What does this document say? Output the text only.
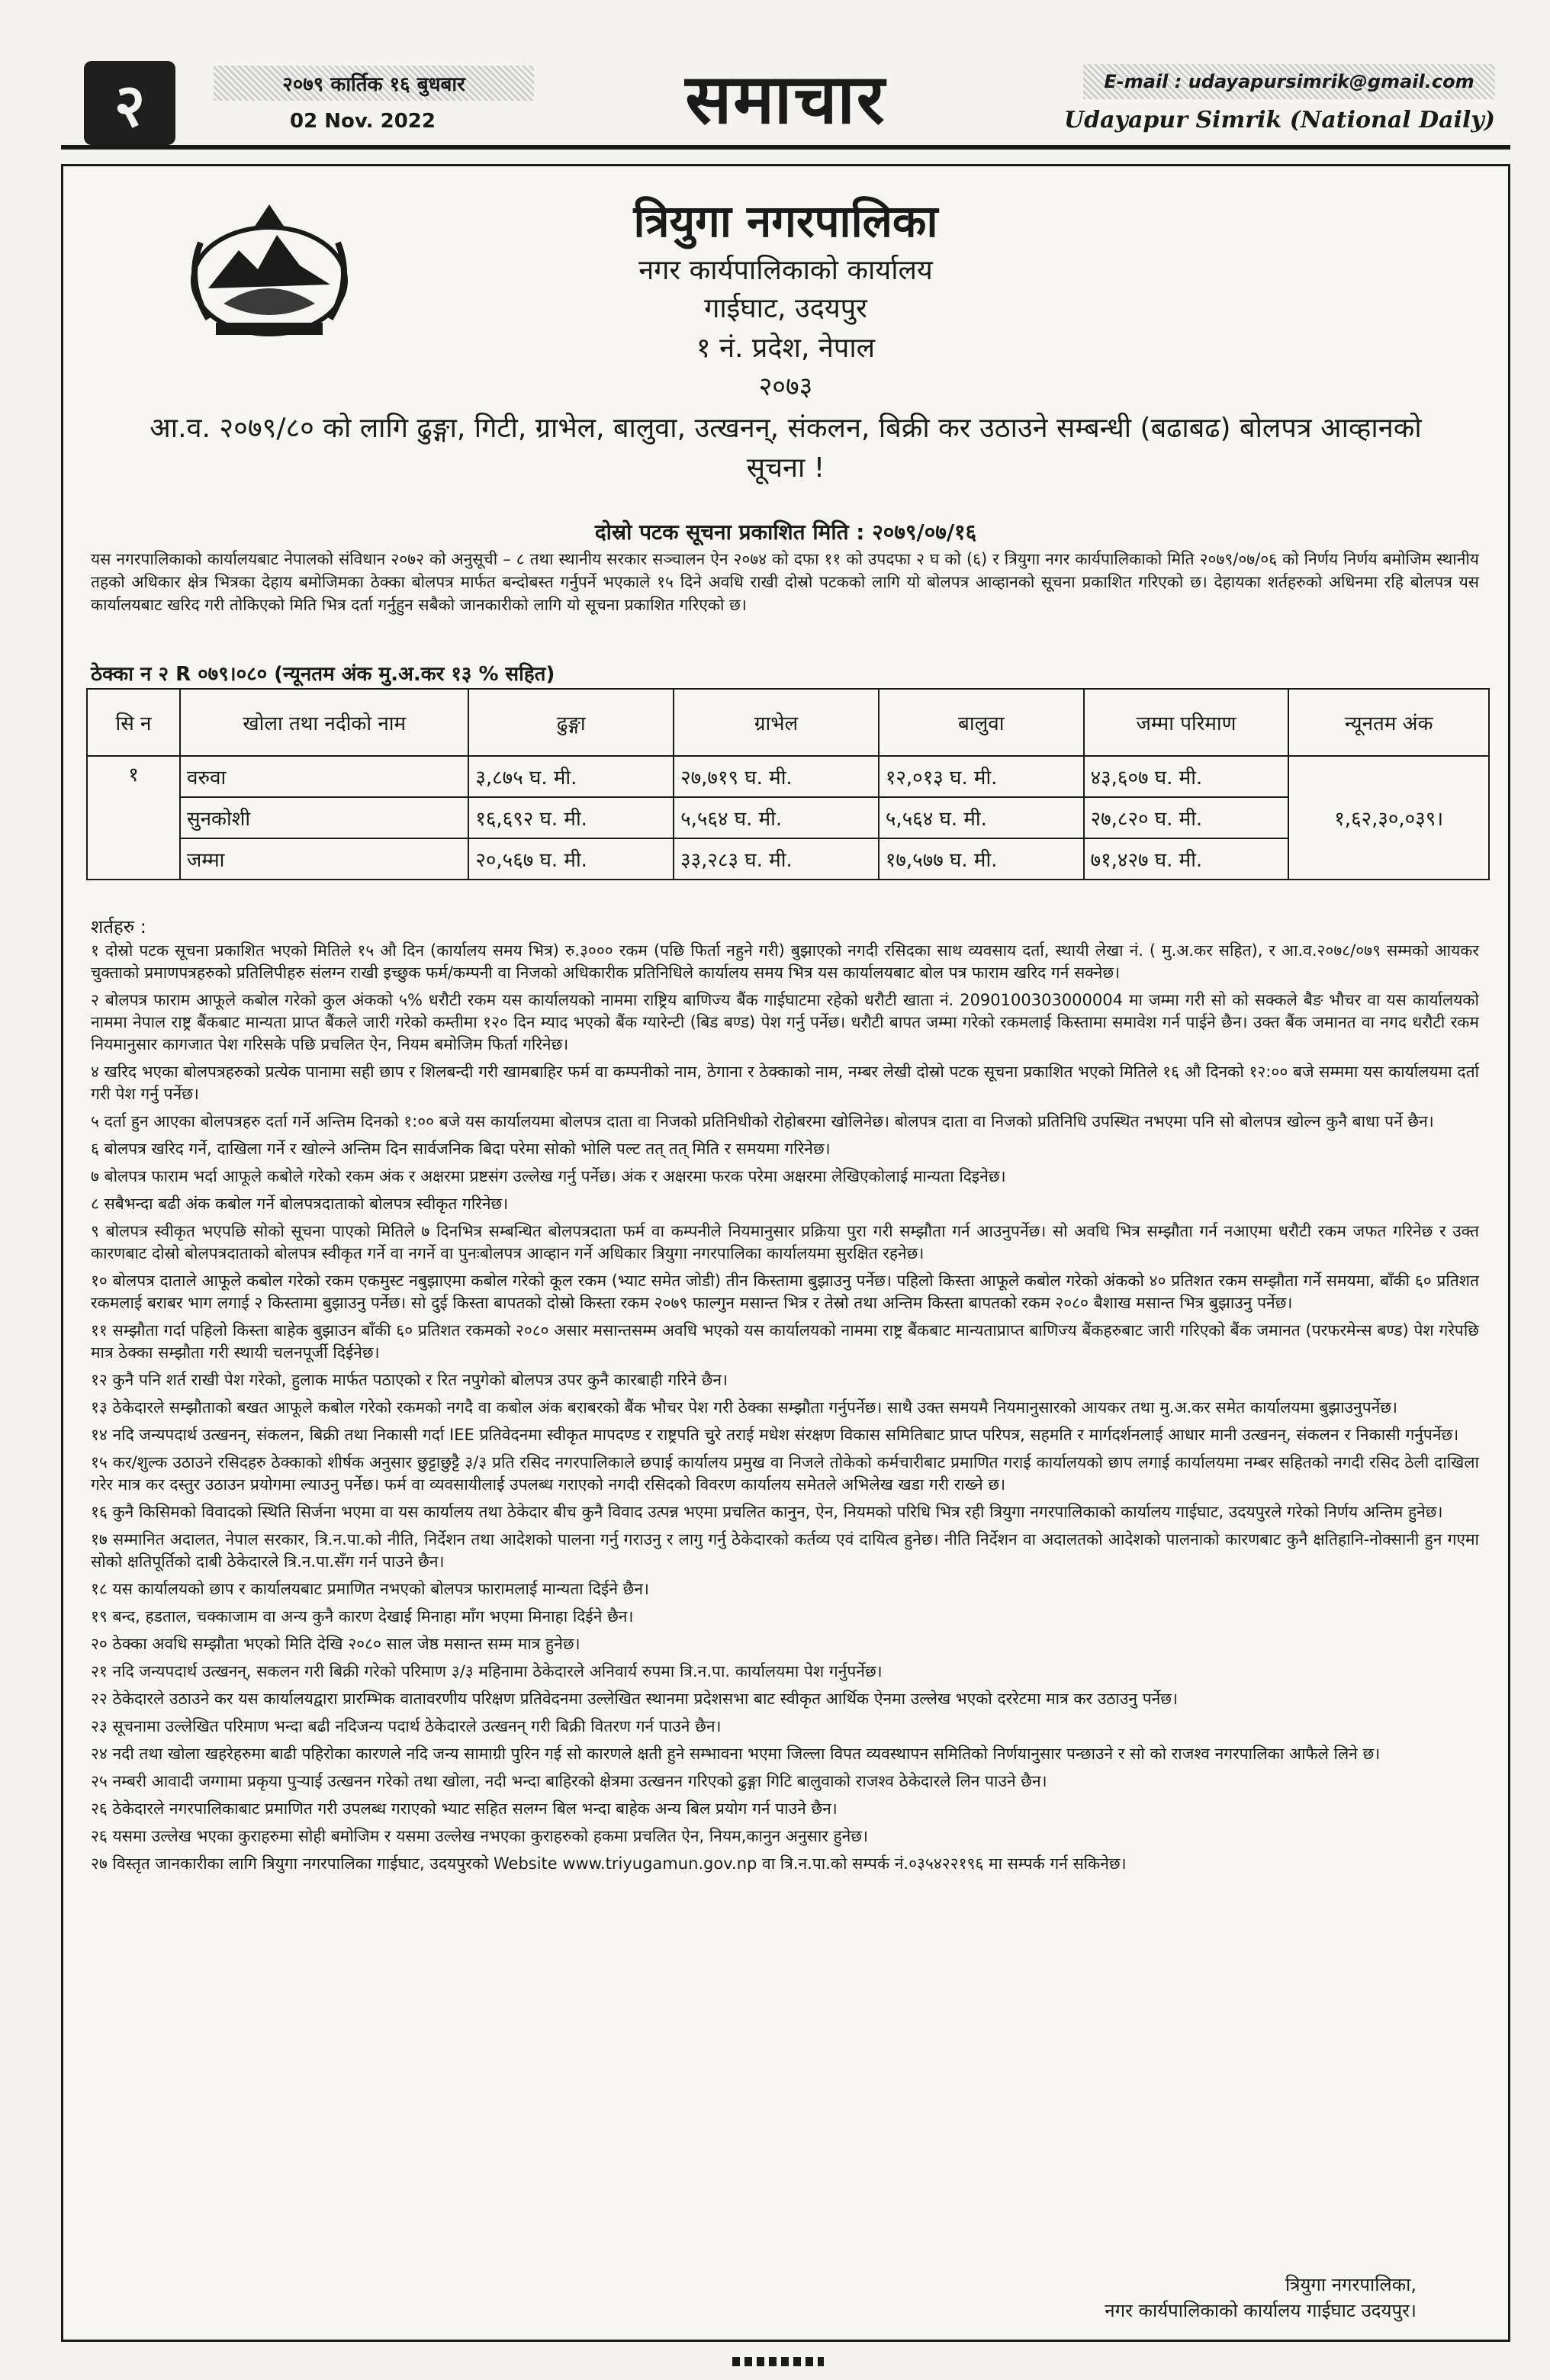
२	२०७९ कार्तिक १६ बुधबार
02 Nov. 2022	समाचार	E-mail : udayapursimrik@gmail.com
Udayapur Simrik (National Daily)
त्रियुगा नगरपालिका
नगर कार्यपालिकाको कार्यालय
गाईघाट, उदयपुर
१ नं. प्रदेश, नेपाल
२०७३
आ.व. २०७९/८० को लागि ढुङ्गा, गिटी, ग्राभेल, बालुवा, उत्खनन्, संकलन, बिक्री कर उठाउने सम्बन्धी (बढाबढ) बोलपत्र आव्हानको सूचना !
दोस्रो पटक सूचना प्रकाशित मिति : २०७९/०७/१६
यस नगरपालिकाको कार्यालयबाट नेपालको संविधान २०७२ को अनुसूची – ८ तथा स्थानीय सरकार सञ्चालन ऐन २०७४ को दफा ११ को उपदफा २ घ को (६) र त्रियुगा नगर कार्यपालिकाको मिति २०७९/०७/०६ को निर्णय निर्णय बमोजिम स्थानीय तहको अधिकार क्षेत्र भित्रका देहाय बमोजिमका ठेक्का बोलपत्र मार्फत बन्दोबस्त गर्नुपर्ने भएकाले १५ दिने अवधि राखी दोस्रो पटकको लागि यो बोलपत्र आव्हानको सूचना प्रकाशित गरिएको छ। देहायका शर्तहरुको अधिनमा रहि बोलपत्र यस कार्यालयबाट खरिद गरी तोकिएको मिति भित्र दर्ता गर्नुहुन सबैको जानकारीको लागि यो सूचना प्रकाशित गरिएको छ।
ठेक्का न २ R ०७९।०८० (न्यूनतम अंक मु.अ.कर १३ % सहित)
सि न	खोला तथा नदीको नाम	ढुङ्गा	ग्राभेल	बालुवा	जम्मा परिमाण	न्यूनतम अंक
१	वरुवा	३,८७५ घ. मी.	२७,७१९ घ. मी.	१२,०१३ घ. मी.	४३,६०७ घ. मी.	१,६२,३०,०३९।
	सुनकोशी	१६,६९२ घ. मी.	५,५६४ घ. मी.	५,५६४ घ. मी.	२७,८२० घ. मी.	
	जम्मा	२०,५६७ घ. मी.	३३,२८३ घ. मी.	१७,५७७ घ. मी.	७१,४२७ घ. मी.	
शर्तहरु :

१ दोस्रो पटक सूचना प्रकाशित भएको मितिले १५ औ दिन (कार्यालय समय भित्र) रु.३००० रकम (पछि फिर्ता नहुने गरी) बुझाएको नगदी रसिदका साथ व्यवसाय दर्ता, स्थायी लेखा नं. ( मु.अ.कर सहित), र आ.व.२०७८/०७९ सम्मको आयकर चुक्ताको प्रमाणपत्रहरुको प्रतिलिपीहरु संलग्न राखी इच्छुक फर्म/कम्पनी वा निजको अधिकारीक प्रतिनिधिले कार्यालय समय भित्र यस कार्यालयबाट बोल पत्र फाराम खरिद गर्न सक्नेछ।

२ बोलपत्र फाराम आफूले कबोल गरेको कुल अंकको ५% धरौटी रकम यस कार्यालयको नाममा राष्ट्रिय बाणिज्य बैंक गाईघाटमा रहेको धरौटी खाता नं. 2090100303000004 मा जम्मा गरी सो को सक्कले बैङ भौचर वा यस कार्यालयको नाममा नेपाल राष्ट्र बैंकबाट मान्यता प्राप्त बैंकले जारी गरेको कम्तीमा १२० दिन म्याद भएको बैंक ग्यारेन्टी (बिड बण्ड) पेश गर्नु पर्नेछ। धरौटी बापत जम्मा गरेको रकमलाई किस्तामा समावेश गर्न पाईने छैन। उक्त बैंक जमानत वा नगद धरौटी रकम नियमानुसार कागजात पेश गरिसके पछि प्रचलित ऐन, नियम बमोजिम फिर्ता गरिनेछ।

४ खरिद भएका बोलपत्रहरुको प्रत्येक पानामा सही छाप र शिलबन्दी गरी खामबाहिर फर्म वा कम्पनीको नाम, ठेगाना र ठेक्काको नाम, नम्बर लेखी दोस्रो पटक सूचना प्रकाशित भएको मितिले १६ औ दिनको १२:०० बजे सम्ममा यस कार्यालयमा दर्ता गरी पेश गर्नु पर्नेछ।

५ दर्ता हुन आएका बोलपत्रहरु दर्ता गर्ने अन्तिम दिनको १:०० बजे यस कार्यालयमा बोलपत्र दाता वा निजको प्रतिनिधीको रोहोबरमा खोलिनेछ। बोलपत्र दाता वा निजको प्रतिनिधि उपस्थित नभएमा पनि सो बोलपत्र खोल्न कुनै बाधा पर्ने छैन।

६ बोलपत्र खरिद गर्ने, दाखिला गर्ने र खोल्ने अन्तिम दिन सार्वजनिक बिदा परेमा सोको भोलि पल्ट तत् तत् मिति र समयमा गरिनेछ।

७ बोलपत्र फाराम भर्दा आफूले कबोले गरेको रकम अंक र अक्षरमा प्रष्टसंग उल्लेख गर्नु पर्नेछ। अंक र अक्षरमा फरक परेमा अक्षरमा लेखिएकोलाई मान्यता दिइनेछ।

८ सबैभन्दा बढी अंक कबोल गर्ने बोलपत्रदाताको बोलपत्र स्वीकृत गरिनेछ।

९ बोलपत्र स्वीकृत भएपछि सोको सूचना पाएको मितिले ७ दिनभित्र सम्बन्धित बोलपत्रदाता फर्म वा कम्पनीले नियमानुसार प्रक्रिया पुरा गरी सम्झौता गर्न आउनुपर्नेछ। सो अवधि भित्र सम्झौता गर्न नआएमा धरौटी रकम जफत गरिनेछ र उक्त कारणबाट दोस्रो बोलपत्रदाताको बोलपत्र स्वीकृत गर्ने वा नगर्ने वा पुनःबोलपत्र आव्हान गर्ने अधिकार त्रियुगा नगरपालिका कार्यालयमा सुरक्षित रहनेछ।

१० बोलपत्र दाताले आफूले कबोल गरेको रकम एकमुस्ट नबुझाएमा कबोल गरेको कूल रकम (भ्याट समेत जोडी) तीन किस्तामा बुझाउनु पर्नेछ। पहिलो किस्ता आफूले कबोल गरेको अंकको ४० प्रतिशत रकम सम्झौता गर्ने समयमा, बाँकी ६० प्रतिशत रकमलाई बराबर भाग लगाई २ किस्तामा बुझाउनु पर्नेछ। सो दुई किस्ता बापतको दोस्रो किस्ता रकम २०७९ फाल्गुन मसान्त भित्र र तेस्रो तथा अन्तिम किस्ता बापतको रकम २०८० बैशाख मसान्त भित्र बुझाउनु पर्नेछ।

११ सम्झौता गर्दा पहिलो किस्ता बाहेक बुझाउन बाँकी ६० प्रतिशत रकमको २०८० असार मसान्तसम्म अवधि भएको यस कार्यालयको नाममा राष्ट्र बैंकबाट मान्यताप्राप्त बाणिज्य बैंकहरुबाट जारी गरिएको बैंक जमानत (परफरमेन्स बण्ड) पेश गरेपछि मात्र ठेक्का सम्झौता गरी स्थायी चलनपूर्जी दिईनेछ।

१२ कुनै पनि शर्त राखी पेश गरेको, हुलाक मार्फत पठाएको र रित नपुगेको बोलपत्र उपर कुनै कारबाही गरिने छैन।

१३ ठेकेदारले सम्झौताको बखत आफूले कबोल गरेको रकमको नगदै वा कबोल अंक बराबरको बैंक भौचर पेश गरी ठेक्का सम्झौता गर्नुपर्नेछ। साथै उक्त समयमै नियमानुसारको आयकर तथा मु.अ.कर समेत कार्यालयमा बुझाउनुपर्नेछ।

१४ नदि जन्यपदार्थ उत्खनन्, संकलन, बिक्री तथा निकासी गर्दा IEE प्रतिवेदनमा स्वीकृत मापदण्ड र राष्ट्रपति चुरे तराई मधेश संरक्षण विकास समितिबाट प्राप्त परिपत्र, सहमति र मार्गदर्शनलाई आधार मानी उत्खनन्, संकलन र निकासी गर्नुपर्नेछ।

१५ कर/शुल्क उठाउने रसिदहरु ठेक्काको शीर्षक अनुसार छुट्टाछुट्टै ३/३ प्रति रसिद नगरपालिकाले छपाई कार्यालय प्रमुख वा निजले तोकेको कर्मचारीबाट प्रमाणित गराई कार्यालयको छाप लगाई कार्यालयमा नम्बर सहितको नगदी रसिद ठेली दाखिला गरेर मात्र कर दस्तुर उठाउन प्रयोगमा ल्याउनु पर्नेछ। फर्म वा व्यवसायीलाई उपलब्ध गराएको नगदी रसिदको विवरण कार्यालय समेतले अभिलेख खडा गरी राख्ने छ।

१६ कुनै किसिमको विवादको स्थिति सिर्जना भएमा वा यस कार्यालय तथा ठेकेदार बीच कुनै विवाद उत्पन्न भएमा प्रचलित कानुन, ऐन, नियमको परिधि भित्र रही त्रियुगा नगरपालिकाको कार्यालय गाईघाट, उदयपुरले गरेको निर्णय अन्तिम हुनेछ।

१७ सम्मानित अदालत, नेपाल सरकार, त्रि.न.पा.को नीति, निर्देशन तथा आदेशको पालना गर्नु गराउनु र लागु गर्नु ठेकेदारको कर्तव्य एवं दायित्व हुनेछ। नीति निर्देशन वा अदालतको आदेशको पालनाको कारणबाट कुनै क्षतिहानि-नोक्सानी हुन गएमा सोको क्षतिपूर्तिको दाबी ठेकेदारले त्रि.न.पा.सँग गर्न पाउने छैन।

१८ यस कार्यालयको छाप र कार्यालयबाट प्रमाणित नभएको बोलपत्र फारामलाई मान्यता दिईने छैन।

१९ बन्द, हडताल, चक्काजाम वा अन्य कुनै कारण देखाई मिनाहा माँग भएमा मिनाहा दिईने छैन।

२० ठेक्का अवधि सम्झौता भएको मिति देखि २०८० साल जेष्ठ मसान्त सम्म मात्र हुनेछ।

२१ नदि जन्यपदार्थ उत्खनन्, सकलन गरी बिक्री गरेको परिमाण ३/३ महिनामा ठेकेदारले अनिवार्य रुपमा त्रि.न.पा. कार्यालयमा पेश गर्नुपर्नेछ।

२२ ठेकेदारले उठाउने कर यस कार्यालयद्वारा प्रारम्भिक वातावरणीय परिक्षण प्रतिवेदनमा उल्लेखित स्थानमा प्रदेशसभा बाट स्वीकृत आर्थिक ऐनमा उल्लेख भएको दररेटमा मात्र कर उठाउनु पर्नेछ।

२३ सूचनामा उल्लेखित परिमाण भन्दा बढी नदिजन्य पदार्थ ठेकेदारले उत्खनन् गरी बिक्री वितरण गर्न पाउने छैन।

२४ नदी तथा खोला खहरेहरुमा बाढी पहिरोका कारणले नदि जन्य सामाग्री पुरिन गई सो कारणले क्षती हुने सम्भावना भएमा जिल्ला विपत व्यवस्थापन समितिको निर्णयानुसार पन्छाउने र सो को राजश्व नगरपालिका आफैले लिने छ।

२५ नम्बरी आवादी जग्गामा प्रकृया पुऱ्याई उत्खनन गरेको तथा खोला, नदी भन्दा बाहिरको क्षेत्रमा उत्खनन गरिएको ढुङ्गा गिटि बालुवाको राजश्व ठेकेदारले लिन पाउने छैन।

२६ ठेकेदारले नगरपालिकाबाट प्रमाणित गरी उपलब्ध गराएको भ्याट सहित सलग्न बिल भन्दा बाहेक अन्य बिल प्रयोग गर्न पाउने छैन।

२६ यसमा उल्लेख भएका कुराहरुमा सोही बमोजिम र यसमा उल्लेख नभएका कुराहरुको हकमा प्रचलित ऐन, नियम,कानुन अनुसार हुनेछ।

२७ विस्तृत जानकारीका लागि त्रियुगा नगरपालिका गाईघाट, उदयपुरको Website www.triyugamun.gov.np वा त्रि.न.पा.को सम्पर्क नं.०३५४२२१९६ मा सम्पर्क गर्न सकिनेछ।

त्रियुगा नगरपालिका,
नगर कार्यपालिकाको कार्यालय गाईघाट उदयपुर।
